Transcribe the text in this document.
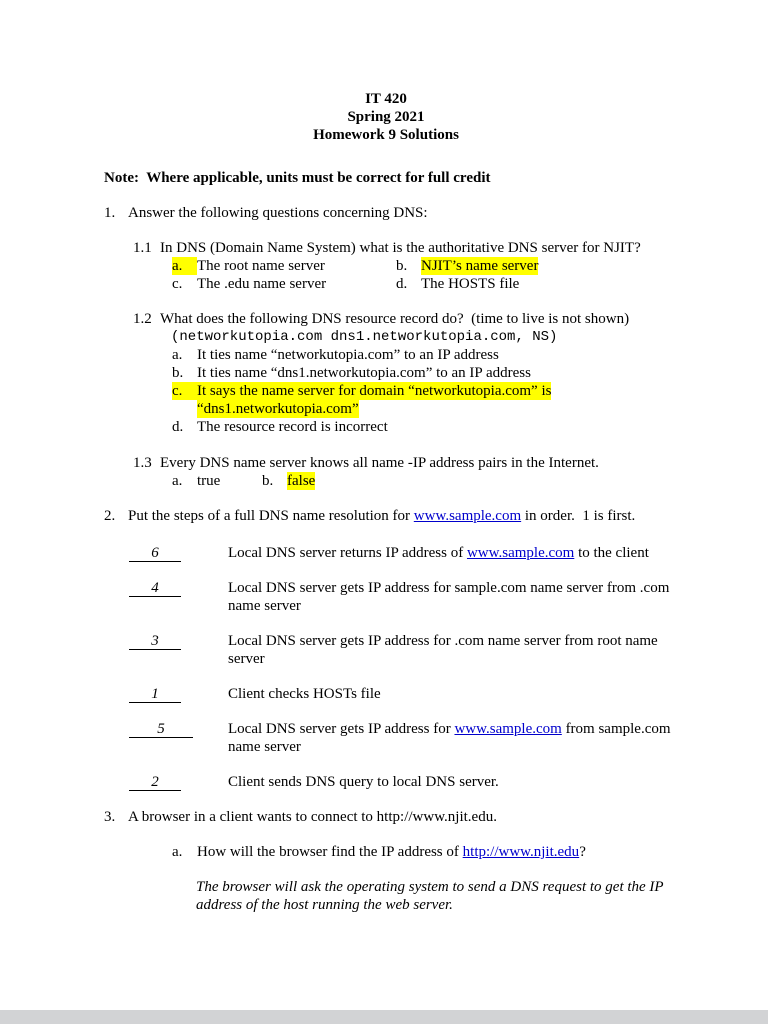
IT 420
Spring 2021
Homework 9 Solutions
Note:  Where applicable, units must be correct for full credit
1. Answer the following questions concerning DNS:
1.1 In DNS (Domain Name System) what is the authoritative DNS server for NJIT?
a. The root name server	b. NJIT’s name server
c. The .edu name server	d. The HOSTS file
1.2 What does the following DNS resource record do?  (time to live is not shown)
(networkutopia.com dns1.networkutopia.com, NS)
a. It ties name “networkutopia.com” to an IP address
b. It ties name “dns1.networkutopia.com” to an IP address
c. It says the name server for domain “networkutopia.com” is
“dns1.networkutopia.com”
d. The resource record is incorrect
1.3 Every DNS name server knows all name -IP address pairs in the Internet.
a. true	b. false
2. Put the steps of a full DNS name resolution for www.sample.com in order.  1 is first.
6	Local DNS server returns IP address of www.sample.com to the client
4	Local DNS server gets IP address for sample.com name server from .com name server
3	Local DNS server gets IP address for .com name server from root name server
1	Client checks HOSTs file
5	Local DNS server gets IP address for www.sample.com from sample.com name server
2	Client sends DNS query to local DNS server.
3. A browser in a client wants to connect to http://www.njit.edu.
a. How will the browser find the IP address of http://www.njit.edu?
The browser will ask the operating system to send a DNS request to get the IP address of the host running the web server.
